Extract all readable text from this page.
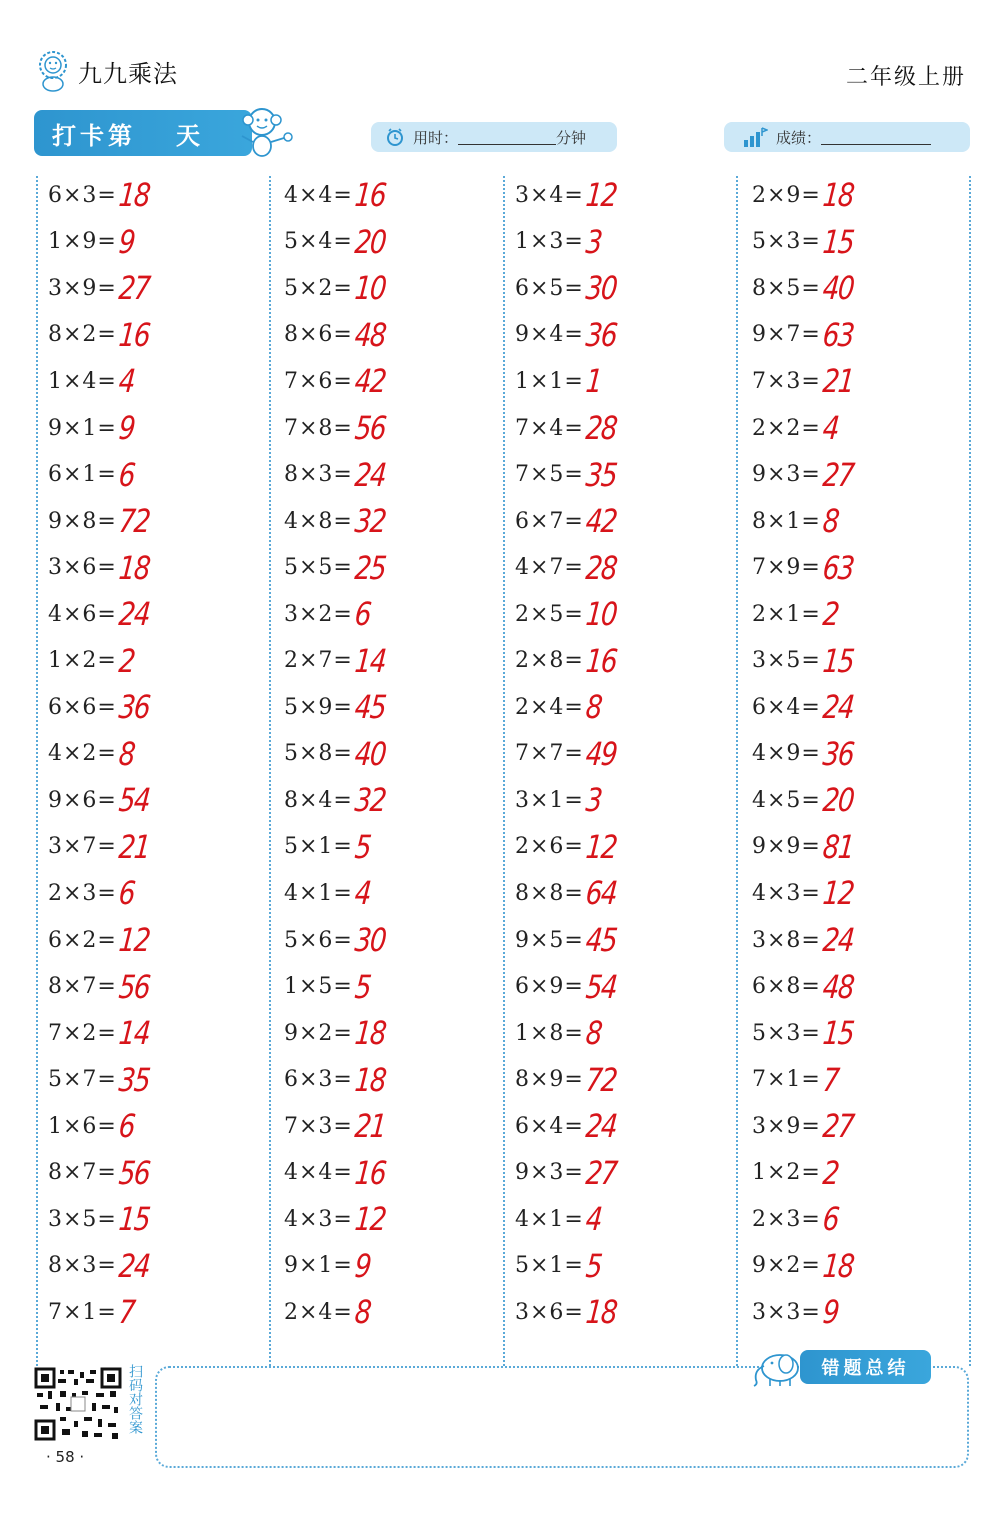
九九乘法	二年级上册
打卡第 天	用时：	分钟	成绩：
6×3= 18
1×9= 9
3×9= 27
8×2= 16
1×4= 4
9×1= 9
6×1= 6
9×8= 72
3×6= 18
4×6= 24
1×2= 2
6×6= 36
4×2= 8
9×6= 54
3×7= 21
2×3= 6
6×2= 12
8×7= 56
7×2= 14
5×7= 35
1×6= 6
8×7= 56
3×5= 15
8×3= 24
7×1= 7
4×4= 16
5×4= 20
5×2= 10
8×6= 48
7×6= 42
7×8= 56
8×3= 24
4×8= 32
5×5= 25
3×2= 6
2×7= 14
5×9= 45
5×8= 40
8×4= 32
5×1= 5
4×1= 4
5×6= 30
1×5= 5
9×2= 18
6×3= 18
7×3= 21
4×4= 16
4×3= 12
9×1= 9
2×4= 8
3×4= 12
1×3= 3
6×5= 30
9×4= 36
1×1= 1
7×4= 28
7×5= 35
6×7= 42
4×7= 28
2×5= 10
2×8= 16
2×4= 8
7×7= 49
3×1= 3
2×6= 12
8×8= 64
9×5= 45
6×9= 54
1×8= 8
8×9= 72
6×4= 24
9×3= 27
4×1= 4
5×1= 5
3×6= 18
2×9= 18
5×3= 15
8×5= 40
9×7= 63
7×3= 21
2×2= 4
9×3= 27
8×1= 8
7×9= 63
2×1= 2
3×5= 15
6×4= 24
4×9= 36
4×5= 20
9×9= 81
4×3= 12
3×8= 24
6×8= 48
5×3= 15
7×1= 7
3×9= 27
1×2= 2
2×3= 6
9×2= 18
3×3= 9
扫码对答案
· 58 ·
错题总结
